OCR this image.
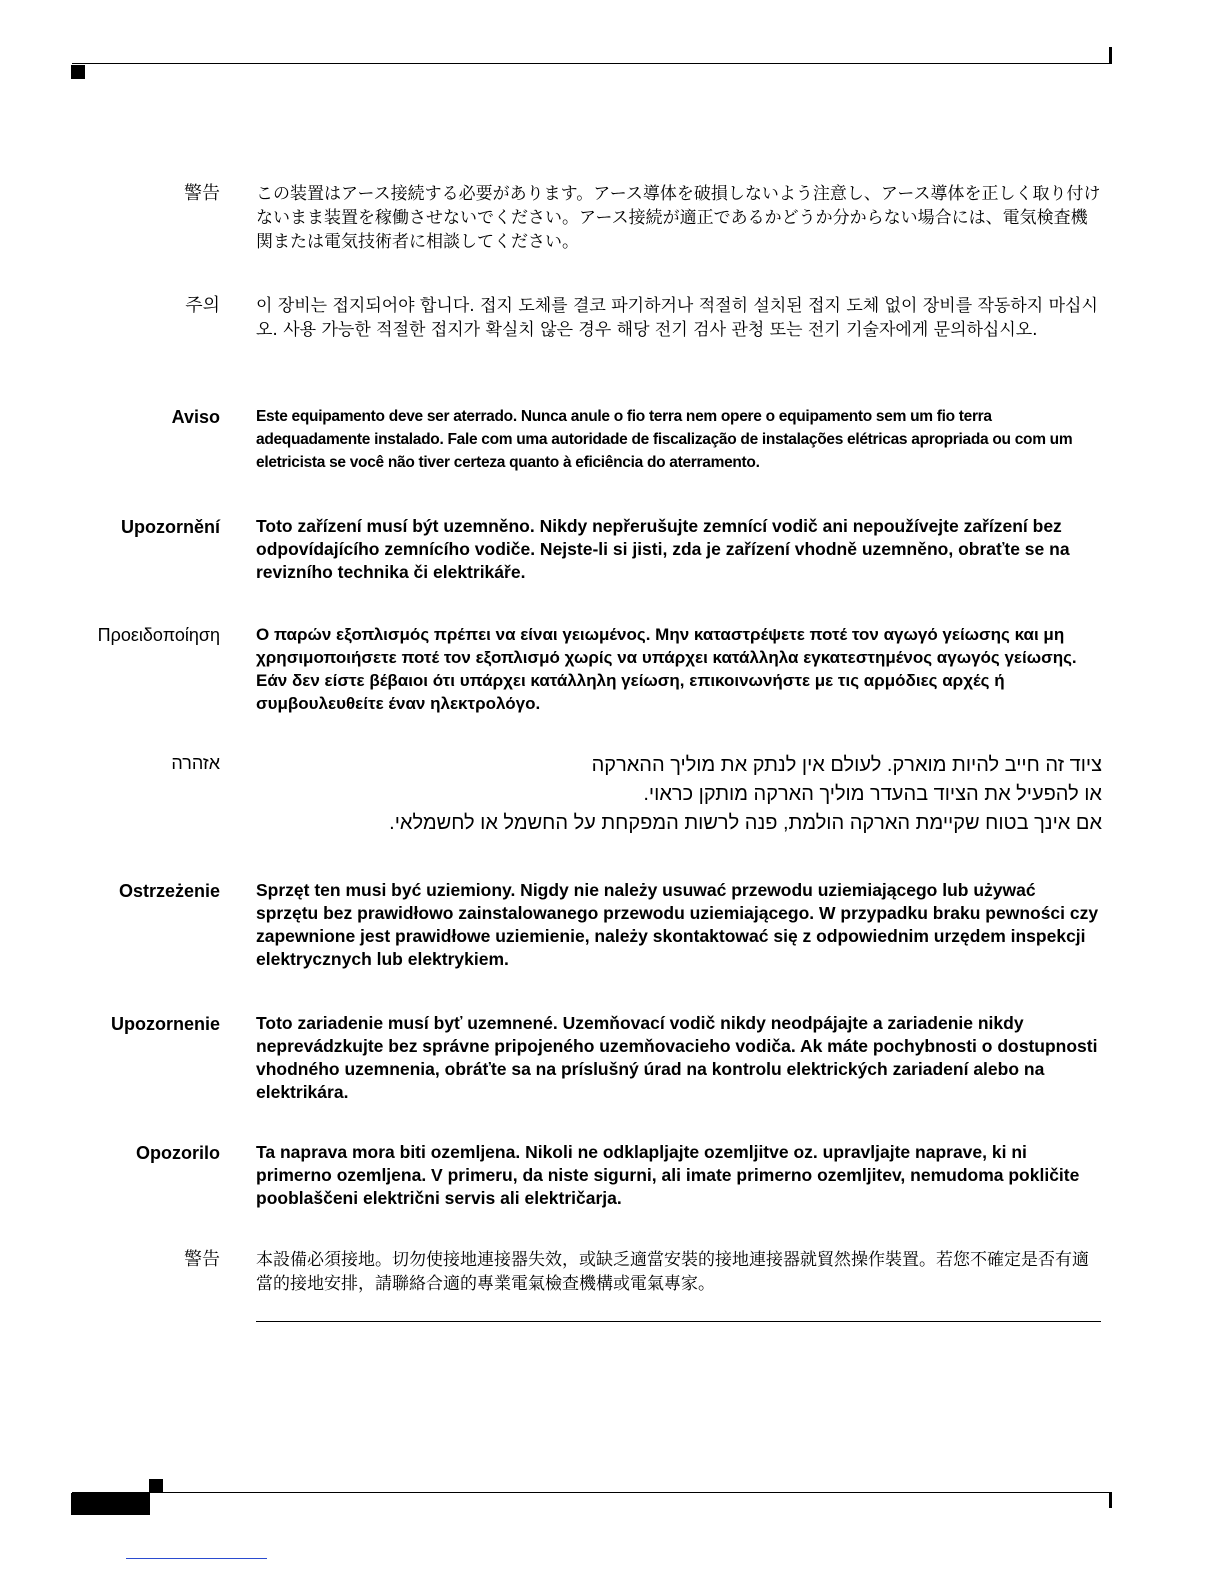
警告 この装置はアース接続する必要があります。アース導体を破損しないよう注意し、アース導体を正しく取り付けないまま装置を稼働させないでください。アース接続が適正であるかどうか分からない場合には、電気検査機関または電気技術者に相談してください。
주의 이 장비는 접지되어야 합니다. 접지 도체를 결코 파기하거나 적절히 설치된 접지 도체 없이 장비를 작동하지 마십시오. 사용 가능한 적절한 접지가 확실치 않은 경우 해당 전기 검사 관청 또는 전기 기술자에게 문의하십시오.
Aviso Este equipamento deve ser aterrado. Nunca anule o fio terra nem opere o equipamento sem um fio terra adequadamente instalado. Fale com uma autoridade de fiscalização de instalações elétricas apropriada ou com um eletricista se você não tiver certeza quanto à eficiência do aterramento.
Upozornění Toto zařízení musí být uzemněno. Nikdy nepřerušujte zemnící vodič ani nepoužívejte zařízení bez odpovídajícího zemnícího vodiče. Nejste-li si jisti, zda je zařízení vhodně uzemněno, obraťte se na revizního technika či elektrikáře.
Προειδοποίηση Ο παρών εξοπλισμός πρέπει να είναι γειωμένος. Μην καταστρέψετε ποτέ τον αγωγό γείωσης και μη χρησιμοποιήσετε ποτέ τον εξοπλισμό χωρίς να υπάρχει κατάλληλα εγκατεστημένος αγωγός γείωσης. Εάν δεν είστε βέβαιοι ότι υπάρχει κατάλληλη γείωση, επικοινωνήστε με τις αρμόδιες αρχές ή συμβουλευθείτε έναν ηλεκτρολόγο.
אזהרה	ציוד זה חייב להיות מוארק. לעולם אין לנתק את מוליך ההארקה
או להפעיל את הציוד בהעדר מוליך הארקה מותקן כראוי.
אם אינך בטוח שקיימת הארקה הולמת, פנה לרשות המפקחת על החשמל או לחשמלאי.
Ostrzeżenie Sprzęt ten musi być uziemiony. Nigdy nie należy usuwać przewodu uziemiającego lub używać sprzętu bez prawidłowo zainstalowanego przewodu uziemiającego. W przypadku braku pewności czy zapewnione jest prawidłowe uziemienie, należy skontaktować się z odpowiednim urzędem inspekcji elektrycznych lub elektrykiem.
Upozornenie Toto zariadenie musí byť uzemnené. Uzemňovací vodič nikdy neodpájajte a zariadenie nikdy neprevádzkujte bez správne pripojeného uzemňovacieho vodiča. Ak máte pochybnosti o dostupnosti vhodného uzemnenia, obráťte sa na príslušný úrad na kontrolu elektrických zariadení alebo na elektrikára.
Opozorilo Ta naprava mora biti ozemljena. Nikoli ne odklapljajte ozemljitve oz. upravljajte naprave, ki ni primerno ozemljena. V primeru, da niste sigurni, ali imate primerno ozemljitev, nemudoma pokličite pooblaščeni električni servis ali električarja.
警告 本設備必須接地。切勿使接地連接器失效，或缺乏適當安裝的接地連接器就貿然操作裝置。若您不確定是否有適當的接地安排，請聯絡合適的專業電氣檢查機構或電氣專家。
